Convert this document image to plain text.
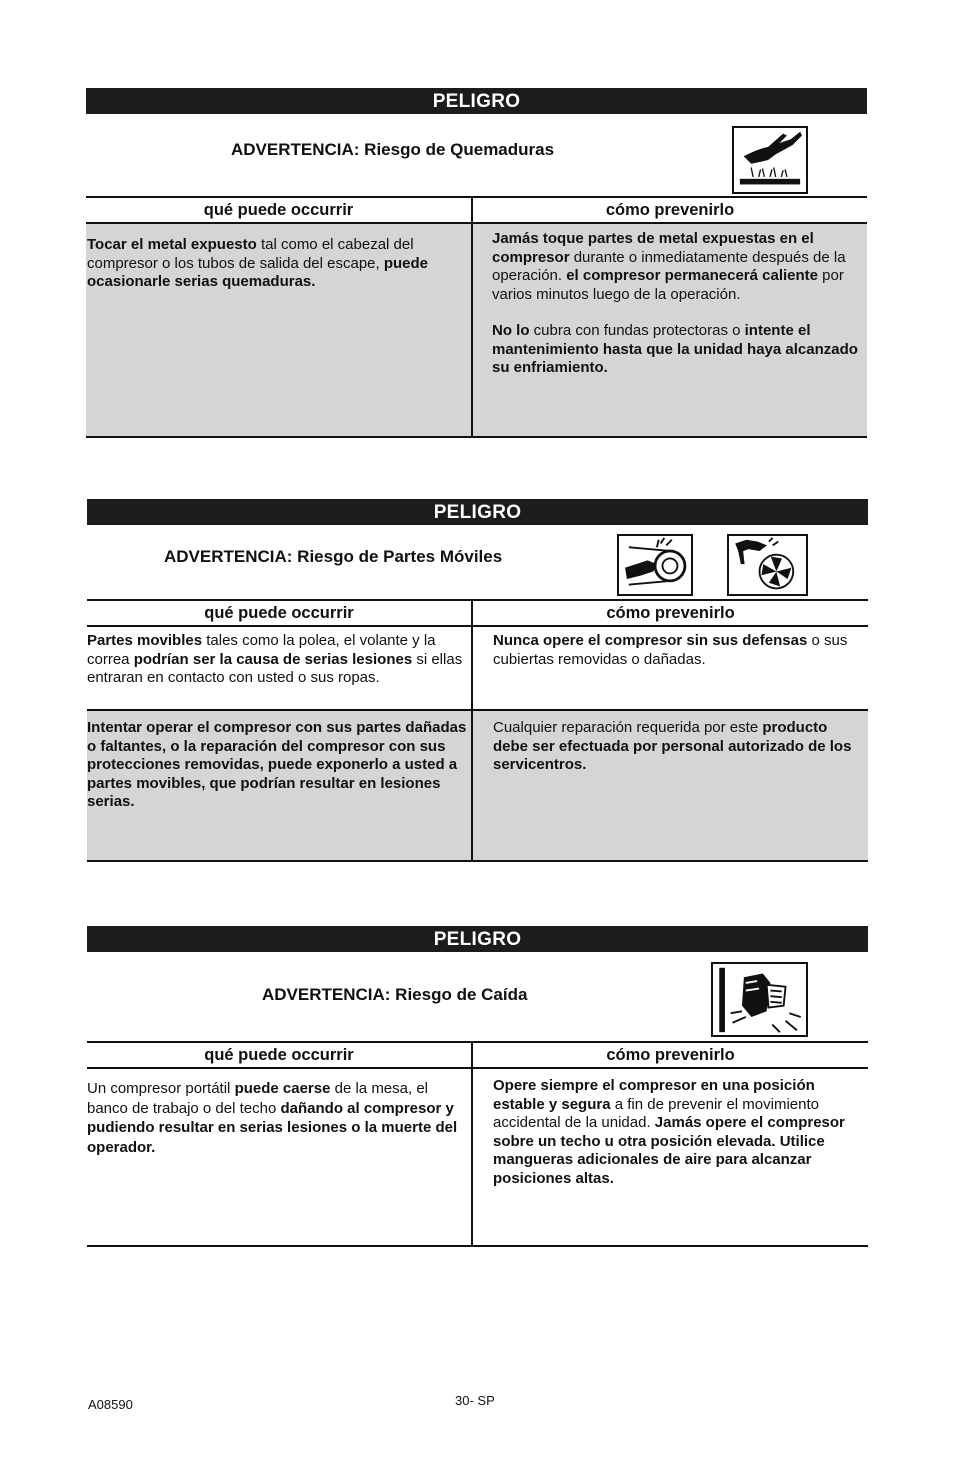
PELIGRO
ADVERTENCIA: Riesgo de Quemaduras
qué puede occurrir	cómo prevenirlo
Tocar el metal expuesto tal como el cabezal del compresor o los tubos de salida del escape, puede ocasionarle serias quemaduras.	Jamás toque partes de metal expuestas en el compresor durante o inmediatamente después de la operación. el compresor permanecerá caliente por varios minutos luego de la operación.

No lo cubra con fundas protectoras o intente el mantenimiento hasta que la unidad haya alcanzado su enfriamiento.

PELIGRO
ADVERTENCIA: Riesgo de Partes Móviles
qué puede occurrir	cómo prevenirlo
Partes movibles tales como la polea, el volante y la correa podrían ser la causa de serias lesiones si ellas entraran en contacto con usted o sus ropas.	Nunca opere el compresor sin sus defensas o sus cubiertas removidas o dañadas.
Intentar operar el compresor con sus partes dañadas o faltantes, o la reparación del compresor con sus protecciones removidas, puede exponerlo a usted a partes movibles, que podrían resultar en lesiones serias.	Cualquier reparación requerida por este producto debe ser efectuada por personal autorizado de los servicentros.
PELIGRO
ADVERTENCIA: Riesgo de Caída
qué puede occurrir	cómo prevenirlo
Un compresor portátil puede caerse de la mesa, el banco de trabajo o del techo dañando al compresor y pudiendo resultar en serias lesiones o la muerte del operador.	Opere siempre el compresor en una posición estable y segura a fin de prevenir el movimiento accidental de la unidad. Jamás opere el compresor sobre un techo u otra posición elevada. Utilice mangueras adicionales de aire para alcanzar posiciones altas.
A08590	30- SP
